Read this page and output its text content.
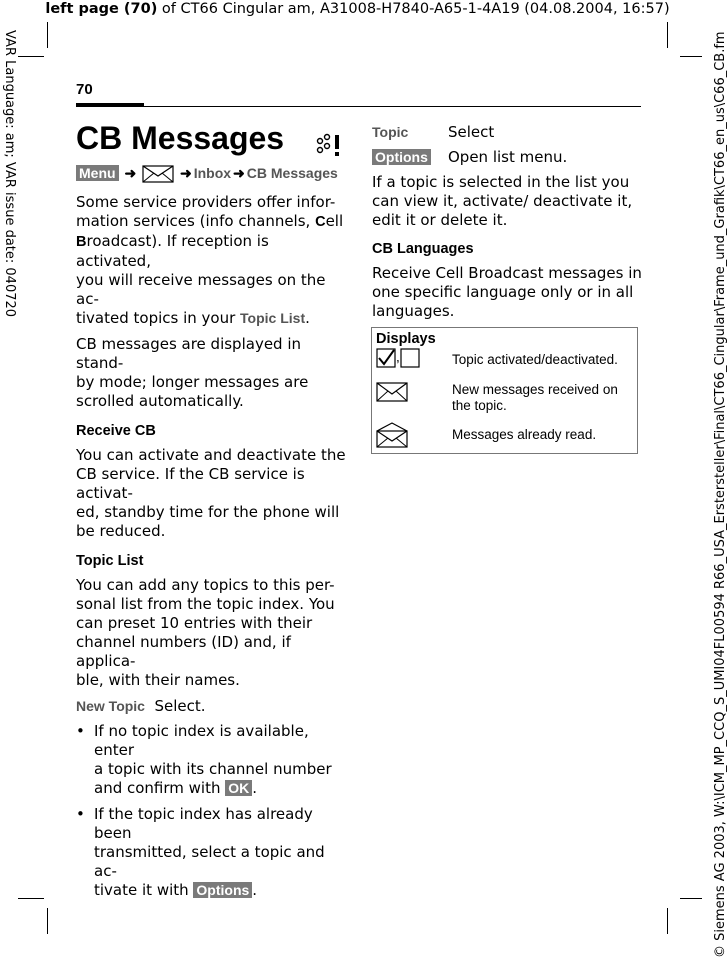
left page (70) of CT66 Cingular am, A31008-H7840-A65-1-4A19 (04.08.2004, 16:57)
VAR Language: am; VAR issue date: 040720	© Siemens AG 2003, W:\ICM_MP_CCQ_S_UMI04FL00594 R66_USA_Erstersteller\Final\CT66_Cingular\Frame_und_Grafik\CT66_en_us\C66_CB.fm
70
CB Messages
Menu ➜	➜ Inbox ➜ CB Messages

Some service providers offer infor-
mation services (info channels, Cell
Broadcast). If reception is activated,
you will receive messages on the ac-
tivated topics in your Topic List.

CB messages are displayed in stand-
by mode; longer messages are
scrolled automatically.

Receive CB

You can activate and deactivate the
CB service. If the CB service is activat-
ed, standby time for the phone will
be reduced.

Topic List

You can add any topics to this per-
sonal list from the topic index. You
can preset 10 entries with their
channel numbers (ID) and, if applica-
ble, with their names.

New Topic Select.

• If no topic index is available, enter
a topic with its channel number
and confirm with OK .

• If the topic index has already been
transmitted, select a topic and ac-
tivate it with Options .

Topic	Select

Options Open list menu.

If a topic is selected in the list you
can view it, activate/ deactivate it,
edit it or delete it.

CB Languages

Receive Cell Broadcast messages in
one specific language only or in all
languages.

Displays	
,	Topic activated/deactivated.
	New messages received on
the topic.
	Messages already read.
